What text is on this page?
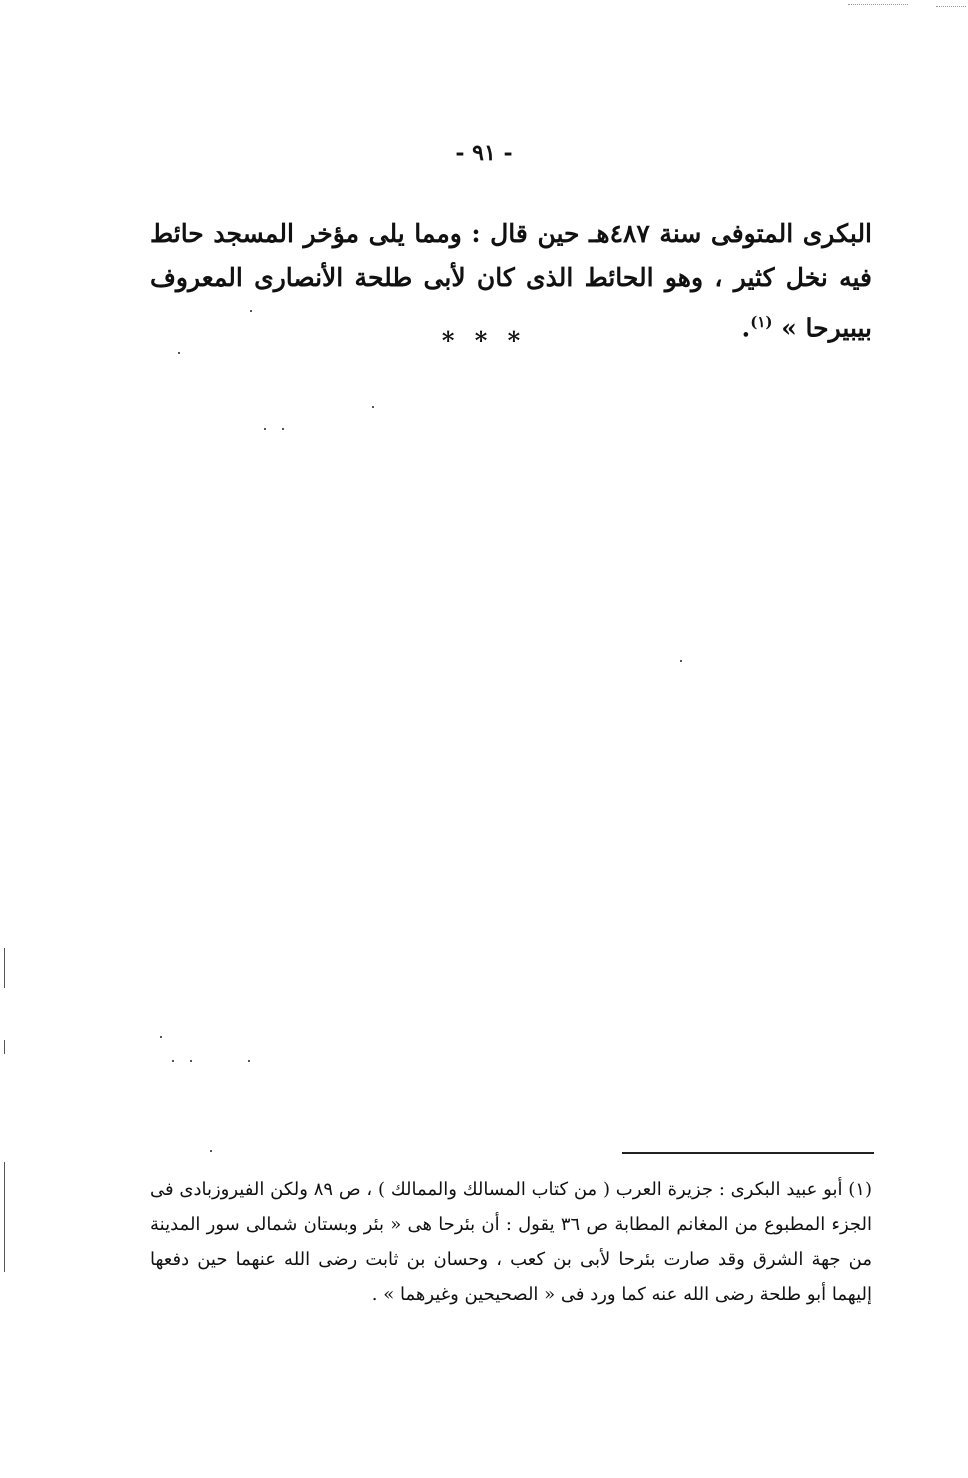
- ٩١ -
البكرى المتوفى سنة ٤٨٧هـ حين قال : ومما يلى مؤخر المسجد حائط فيه نخل كثير ، وهو الحائط الذى كان لأبى طلحة الأنصارى المعروف بيبيرحا » $^{(١)}$.
* * *
(١) أبو عبيد البكرى : جزيرة العرب ( من كتاب المسالك والممالك ) ، ص ٨٩ ولكن الفيروزبادى فى الجزء المطبوع من المغانم المطابة ص ٣٦ يقول : أن بئرحا هى « بئر وبستان شمالى سور المدينة من جهة الشرق وقد صارت بئرحا لأبى بن كعب ، وحسان بن ثابت رضى الله عنهما حين دفعها إليهما أبو طلحة رضى الله عنه كما ورد فى « الصحيحين وغيرهما » .
